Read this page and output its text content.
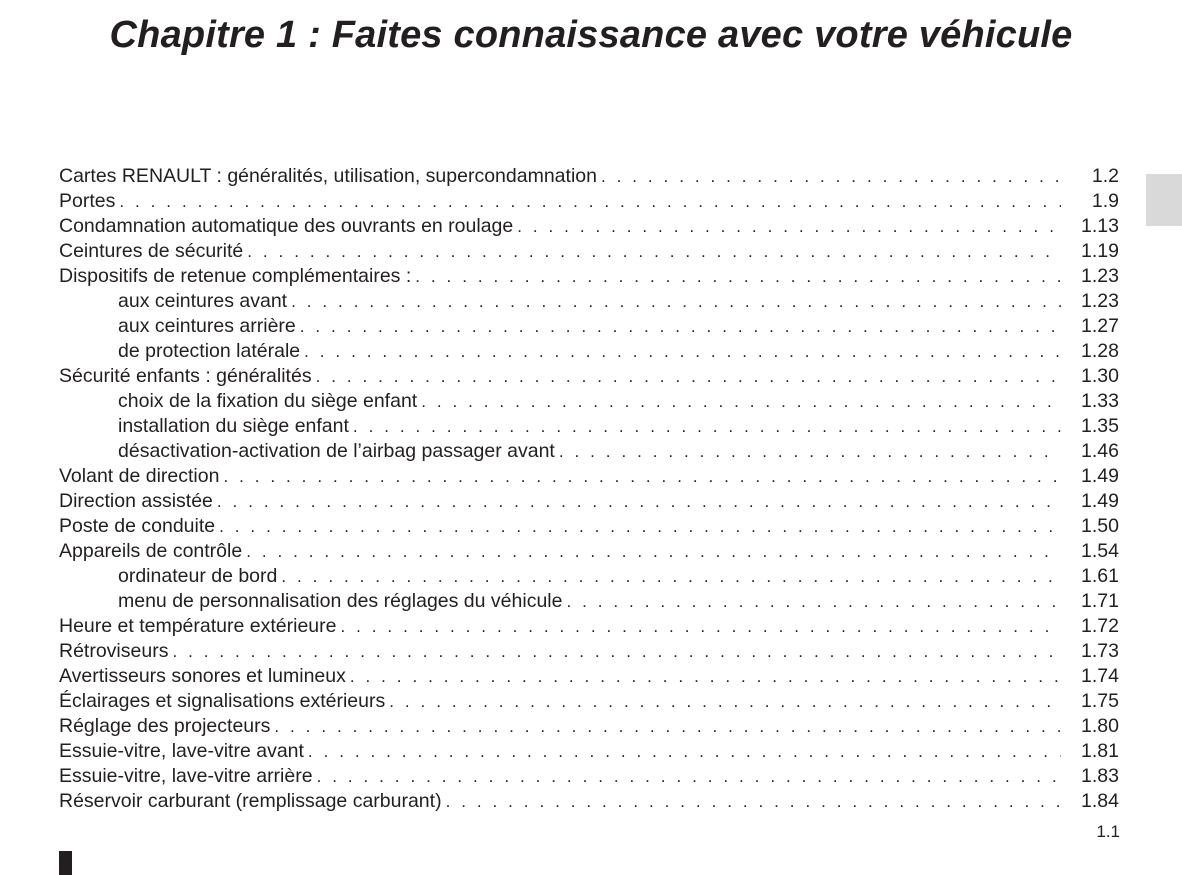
Chapitre 1 : Faites connaissance avec votre véhicule
Cartes RENAULT : généralités, utilisation, supercondamnation . . .	1.2
Portes . . .	1.9
Condamnation automatique des ouvrants en roulage . . .	1.13
Ceintures de sécurité . . .	1.19
Dispositifs de retenue complémentaires : . . .	1.23
aux ceintures avant . . .	1.23
aux ceintures arrière . . .	1.27
de protection latérale . . .	1.28
Sécurité enfants : généralités . . .	1.30
choix de la fixation du siège enfant . . .	1.33
installation du siège enfant . . .	1.35
désactivation-activation de l’airbag passager avant . . .	1.46
Volant de direction . . .	1.49
Direction assistée . . .	1.49
Poste de conduite . . .	1.50
Appareils de contrôle . . .	1.54
ordinateur de bord . . .	1.61
menu de personnalisation des réglages du véhicule . . .	1.71
Heure et température extérieure . . .	1.72
Rétroviseurs . . .	1.73
Avertisseurs sonores et lumineux . . .	1.74
Éclairages et signalisations extérieurs . . .	1.75
Réglage des projecteurs . . .	1.80
Essuie-vitre, lave-vitre avant . . .	1.81
Essuie-vitre, lave-vitre arrière . . .	1.83
Réservoir carburant (remplissage carburant) . . .	1.84
1.1
